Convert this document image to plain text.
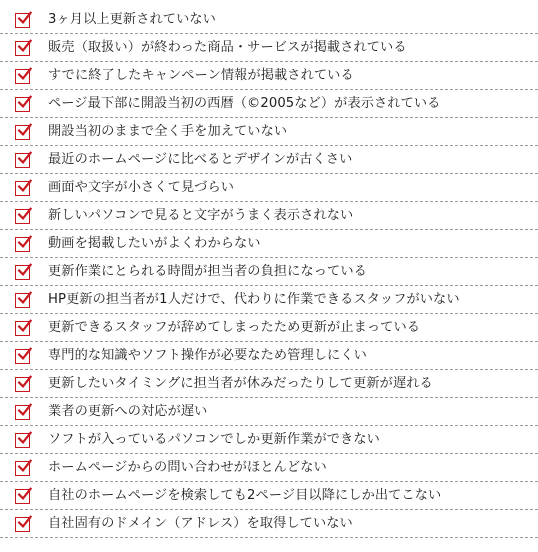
3ヶ月以上更新されていない
販売（取扱い）が終わった商品・サービスが掲載されている
すでに終了したキャンペーン情報が掲載されている
ページ最下部に開設当初の西暦（©2005など）が表示されている
開設当初のままで全く手を加えていない
最近のホームページに比べるとデザインが古くさい
画面や文字が小さくて見づらい
新しいパソコンで見ると文字がうまく表示されない
動画を掲載したいがよくわからない
更新作業にとられる時間が担当者の負担になっている
HP更新の担当者が1人だけで、代わりに作業できるスタッフがいない
更新できるスタッフが辞めてしまったため更新が止まっている
専門的な知識やソフト操作が必要なため管理しにくい
更新したいタイミングに担当者が休みだったりして更新が遅れる
業者の更新への対応が遅い
ソフトが入っているパソコンでしか更新作業ができない
ホームページからの問い合わせがほとんどない
自社のホームページを検索しても2ページ目以降にしか出てこない
自社固有のドメイン（アドレス）を取得していない
